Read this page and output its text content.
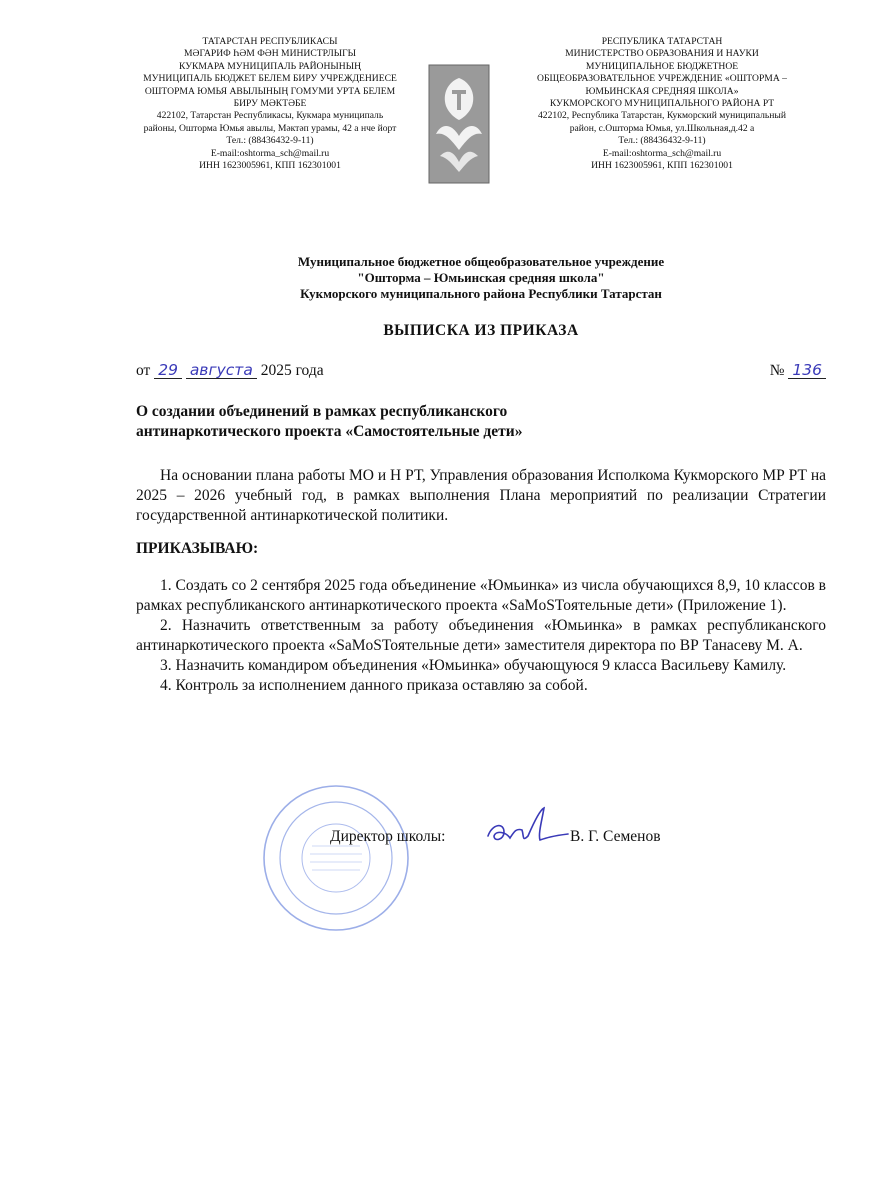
ТАТАРСТАН РЕСПУБЛИКАСЫ
МӘГАРИФ ҺӘМ ФӘН МИНИСТРЛЫГЫ
КУКМАРА МУНИЦИПАЛЬ РАЙОНЫНЫҢ
МУНИЦИПАЛЬ БЮДЖЕТ БЕЛЕМ БИРУ УЧРЕЖДЕНИЕСЕ
ОШТОРМА ЮМЬЯ АВЫЛЫНЫҢ ГОМУМИ УРТА БЕЛЕМ
БИРУ МӘКТӘБЕ
422102, Татарстан Республикасы, Кукмара муниципаль
районы, Ошторма Юмья авылы, Мәктәп урамы, 42 а нче йорт
Тел.: (88436432-9-11)
E-mail:oshtorma_sch@mail.ru
ИНН 1623005961, КПП 162301001
РЕСПУБЛИКА ТАТАРСТАН
МИНИСТЕРСТВО ОБРАЗОВАНИЯ И НАУКИ
МУНИЦИПАЛЬНОЕ БЮДЖЕТНОЕ
ОБЩЕОБРАЗОВАТЕЛЬНОЕ УЧРЕЖДЕНИЕ «ОШТОРМА –
ЮМЬИНСКАЯ СРЕДНЯЯ ШКОЛА»
КУКМОРСКОГО МУНИЦИПАЛЬНОГО РАЙОНА РТ
422102, Республика Татарстан, Кукморский муниципальный
район, с.Ошторма Юмья, ул.Школьная,д.42 а
Тел.: (88436432-9-11)
E-mail:oshtorma_sch@mail.ru
ИНН 1623005961, КПП 162301001
Муниципальное бюджетное общеобразовательное учреждение
"Ошторма – Юмьинская средняя школа"
Кукморского муниципального района Республики Татарстан
ВЫПИСКА ИЗ ПРИКАЗА
от 29 августа 2025 года	№ 136
О создании объединений в рамках республиканского
антинаркотического проекта «Самостоятельные дети»

На основании плана работы МО и Н РТ, Управления образования Исполкома Кукморского МР РТ на 2025 – 2026 учебный год, в рамках выполнения Плана мероприятий по реализации Стратегии государственной антинаркотической политики.

ПРИКАЗЫВАЮ:

1. Создать со 2 сентября 2025 года объединение «Юмьинка» из числа обучающихся 8,9, 10 классов в рамках республиканского антинаркотического проекта «SaMoSToятельные дети» (Приложение 1).

2. Назначить ответственным за работу объединения «Юмьинка» в рамках республиканского антинаркотического проекта «SaMoSToятельные дети» заместителя директора по ВР Танасеву М. А.

3. Назначить командиром объединения «Юмьинка» обучающуюся 9 класса Васильеву Камилу.

4. Контроль за исполнением данного приказа оставляю за собой.

Директор школы:	В. Г. Семенов
